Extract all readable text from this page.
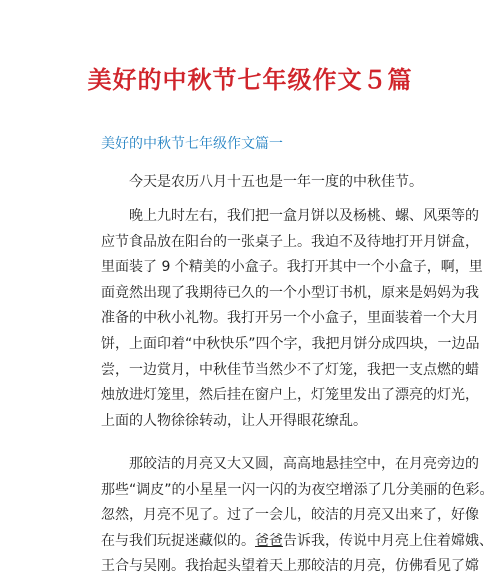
美好的中秋节七年级作文５篇
美好的中秋节七年级作文篇一
今天是农历八月十五也是一年一度的中秋佳节。
晚上九时左右，我们把一盒月饼以及杨桃、螺、风栗等的
应节食品放在阳台的一张桌子上。我迫不及待地打开月饼盒，
里面装了 9 个精美的小盒子。我打开其中一个小盒子，啊，里
面竟然出现了我期待已久的一个小型订书机，原来是妈妈为我
准备的中秋小礼物。我打开另一个小盒子，里面装着一个大月
饼，上面印着“中秋快乐”四个字，我把月饼分成四块，一边品
尝，一边赏月，中秋佳节当然少不了灯笼，我把一支点燃的蜡
烛放进灯笼里，然后挂在窗户上，灯笼里发出了漂亮的灯光，
上面的人物徐徐转动，让人开得眼花缭乱。
那皎洁的月亮又大又圆，高高地悬挂空中，在月亮旁边的
那些“调皮”的小星星一闪一闪的为夜空增添了几分美丽的色彩。
忽然，月亮不见了。过了一会儿，皎洁的月亮又出来了，好像
在与我们玩捉迷藏似的。爸爸告诉我，传说中月亮上住着嫦娥、
王合与吴刚。我抬起头望着天上那皎洁的月亮，仿佛看见了嫦
